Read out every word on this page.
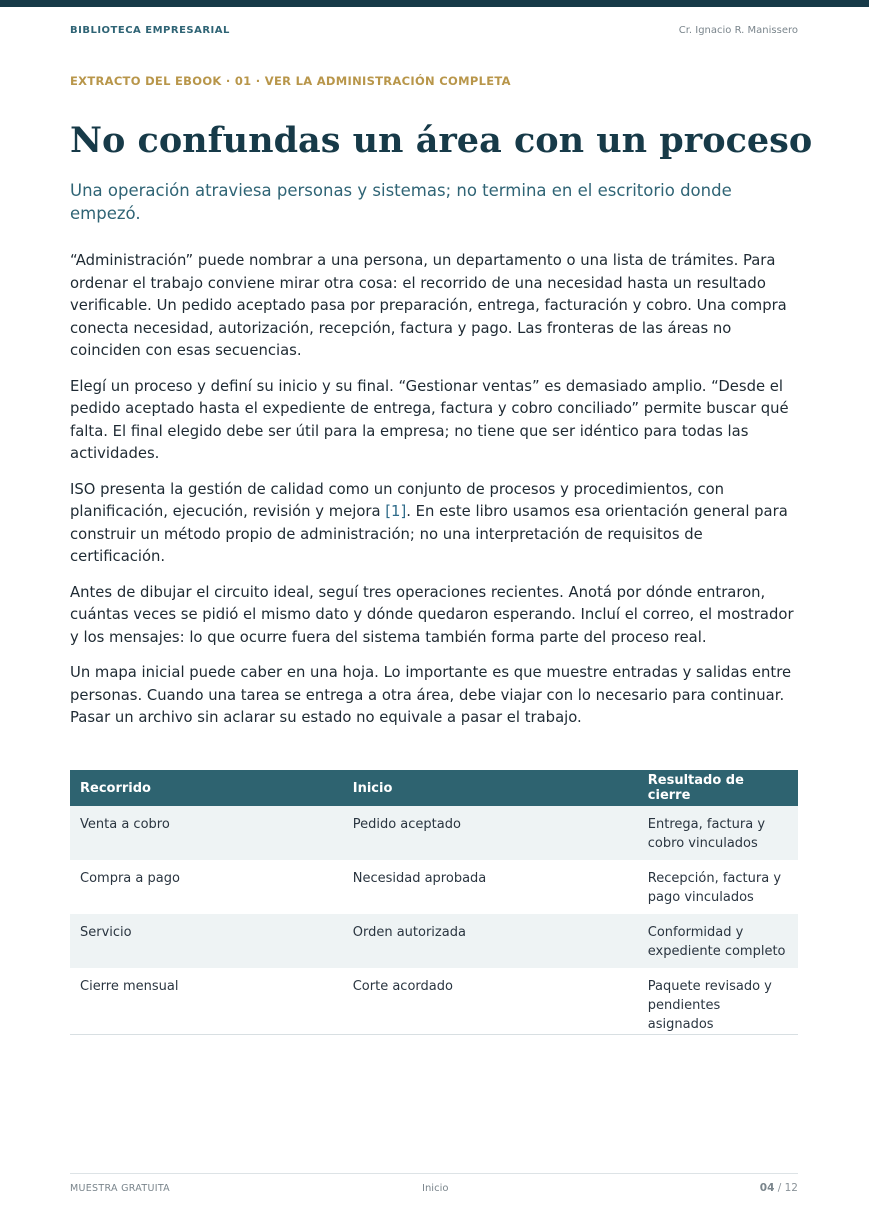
BIBLIOTECA EMPRESARIAL	Cr. Ignacio R. Manissero
EXTRACTO DEL EBOOK · 01 · VER LA ADMINISTRACIÓN COMPLETA
No confundas un área con un proceso

Una operación atraviesa personas y sistemas; no termina en el escritorio donde empezó.

“Administración” puede nombrar a una persona, un departamento o una lista de trámites. Para ordenar el trabajo conviene mirar otra cosa: el recorrido de una necesidad hasta un resultado verificable. Un pedido aceptado pasa por preparación, entrega, facturación y cobro. Una compra conecta necesidad, autorización, recepción, factura y pago. Las fronteras de las áreas no coinciden con esas secuencias.

Elegí un proceso y definí su inicio y su final. “Gestionar ventas” es demasiado amplio. “Desde el pedido aceptado hasta el expediente de entrega, factura y cobro conciliado” permite buscar qué falta. El final elegido debe ser útil para la empresa; no tiene que ser idéntico para todas las actividades.

ISO presenta la gestión de calidad como un conjunto de procesos y procedimientos, con planificación, ejecución, revisión y mejora [1]. En este libro usamos esa orientación general para construir un método propio de administración; no una interpretación de requisitos de certificación.

Antes de dibujar el circuito ideal, seguí tres operaciones recientes. Anotá por dónde entraron, cuántas veces se pidió el mismo dato y dónde quedaron esperando. Incluí el correo, el mostrador y los mensajes: lo que ocurre fuera del sistema también forma parte del proceso real.

Un mapa inicial puede caber en una hoja. Lo importante es que muestre entradas y salidas entre personas. Cuando una tarea se entrega a otra área, debe viajar con lo necesario para continuar. Pasar un archivo sin aclarar su estado no equivale a pasar el trabajo.

Recorrido	Inicio	Resultado de cierre
Venta a cobro	Pedido aceptado	Entrega, factura y cobro vinculados
Compra a pago	Necesidad aprobada	Recepción, factura y pago vinculados
Servicio	Orden autorizada	Conformidad y expediente completo
Cierre mensual	Corte acordado	Paquete revisado y pendientes asignados
MUESTRA GRATUITA	Inicio	04 / 12
